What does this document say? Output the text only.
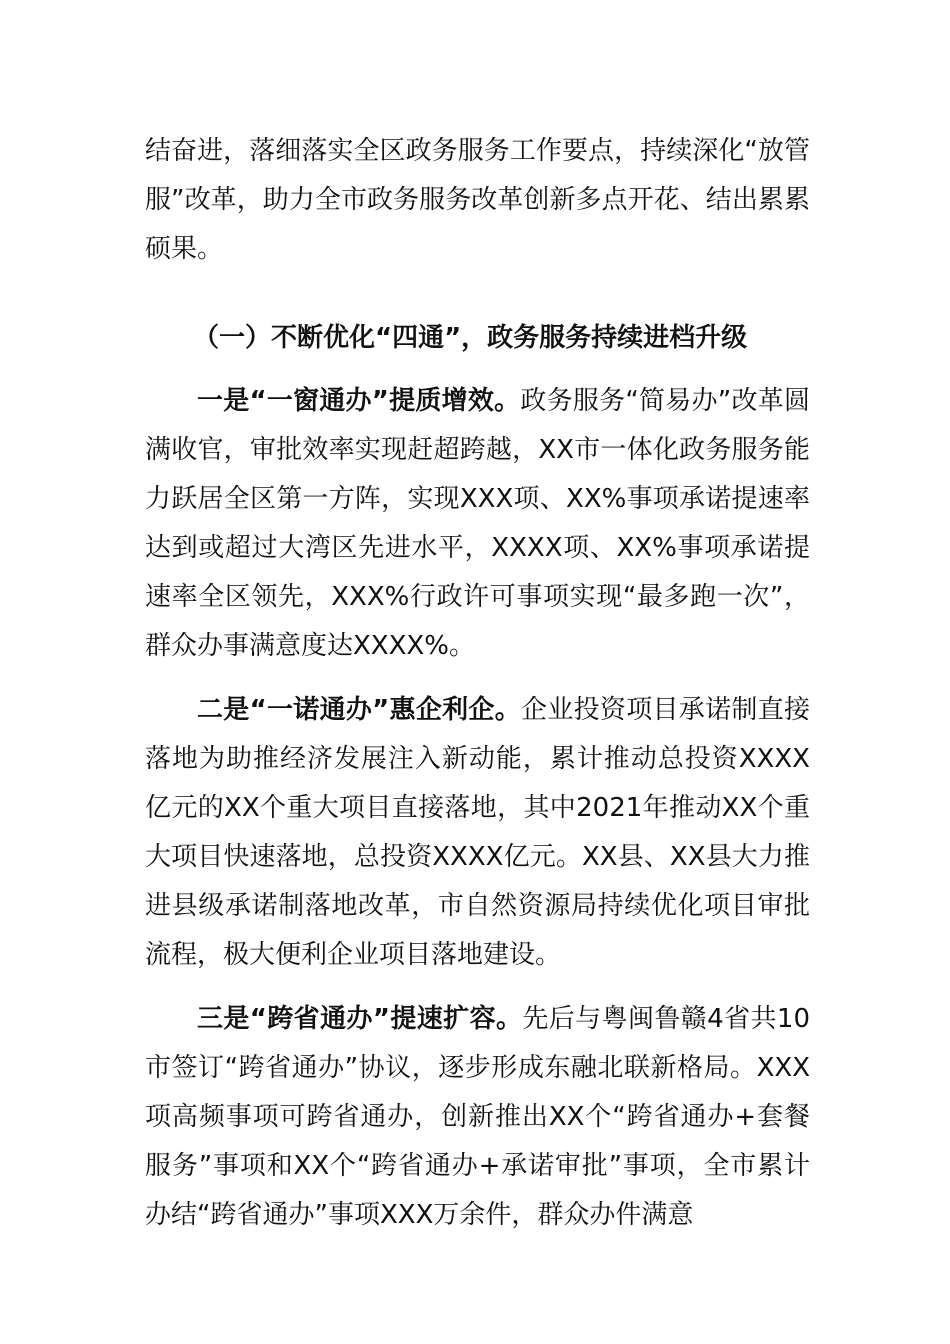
结奋进，落细落实全区政务服务工作要点，持续深化“放管服”改革，助力全市政务服务改革创新多点开花、结出累累硕果。

（一）不断优化“四通”，政务服务持续进档升级

一是“一窗通办”提质增效。政务服务“简易办”改革圆满收官，审批效率实现赶超跨越，XX市一体化政务服务能力跃居全区第一方阵，实现XXX项、XX%事项承诺提速率达到或超过大湾区先进水平，XXXX项、XX%事项承诺提速率全区领先，XXX%行政许可事项实现“最多跑一次”，群众办事满意度达XXXX%。

二是“一诺通办”惠企利企。企业投资项目承诺制直接落地为助推经济发展注入新动能，累计推动总投资XXXX亿元的XX个重大项目直接落地，其中2021年推动XX个重大项目快速落地，总投资XXXX亿元。XX县、XX县大力推进县级承诺制落地改革，市自然资源局持续优化项目审批流程，极大便利企业项目落地建设。

三是“跨省通办”提速扩容。先后与粤闽鲁赣4省共10市签订“跨省通办”协议，逐步形成东融北联新格局。XXX项高频事项可跨省通办，创新推出XX个“跨省通办+套餐服务”事项和XX个“跨省通办+承诺审批”事项，全市累计办结“跨省通办”事项XXX万余件，群众办件满意
